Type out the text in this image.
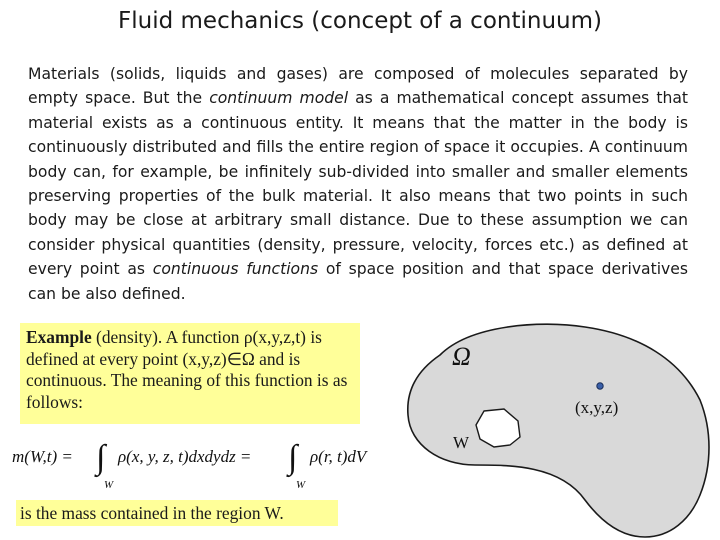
Fluid mechanics (concept of a continuum)
Materials (solids, liquids and gases) are composed of molecules separated by empty space. But the continuum model as a mathematical concept assumes that material exists as a continuous entity. It means that the matter in the body is continuously distributed and fills the entire region of space it occupies. A continuum body can, for example, be infinitely sub-divided into smaller and smaller elements preserving properties of the bulk material. It also means that two points in such body may be close at arbitrary small distance. Due to these assumption we can consider physical quantities (density, pressure, velocity, forces etc.) as defined at every point as continuous functions of space position and that space derivatives can be also defined.
Example (density). A function ρ(x,y,z,t) is defined at every point (x,y,z)∈Ω and is continuous. The meaning of this function is as follows:
m(W,t) = ∫	∫
W	W
ρ(x, y, z, t)dxdydz =	ρ(r, t)dV
is the mass contained in the region W.
Ω
(x,y,z)
W
